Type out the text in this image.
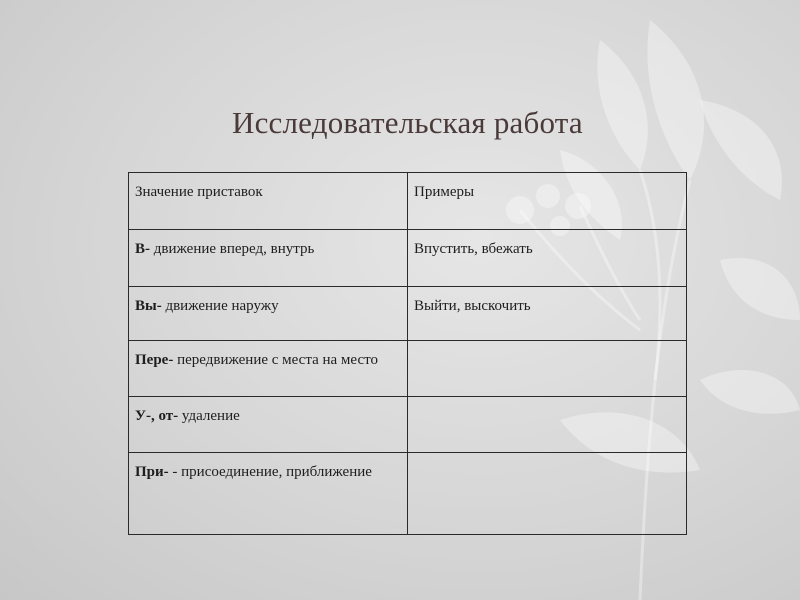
Исследовательская работа
Значение приставок	Примеры
В- движение вперед, внутрь	Впустить, вбежать
Вы- движение наружу	Выйти, выскочить
Пере- передвижение с места на место	
У-, от- удаление	
При- - присоединение, приближение	
